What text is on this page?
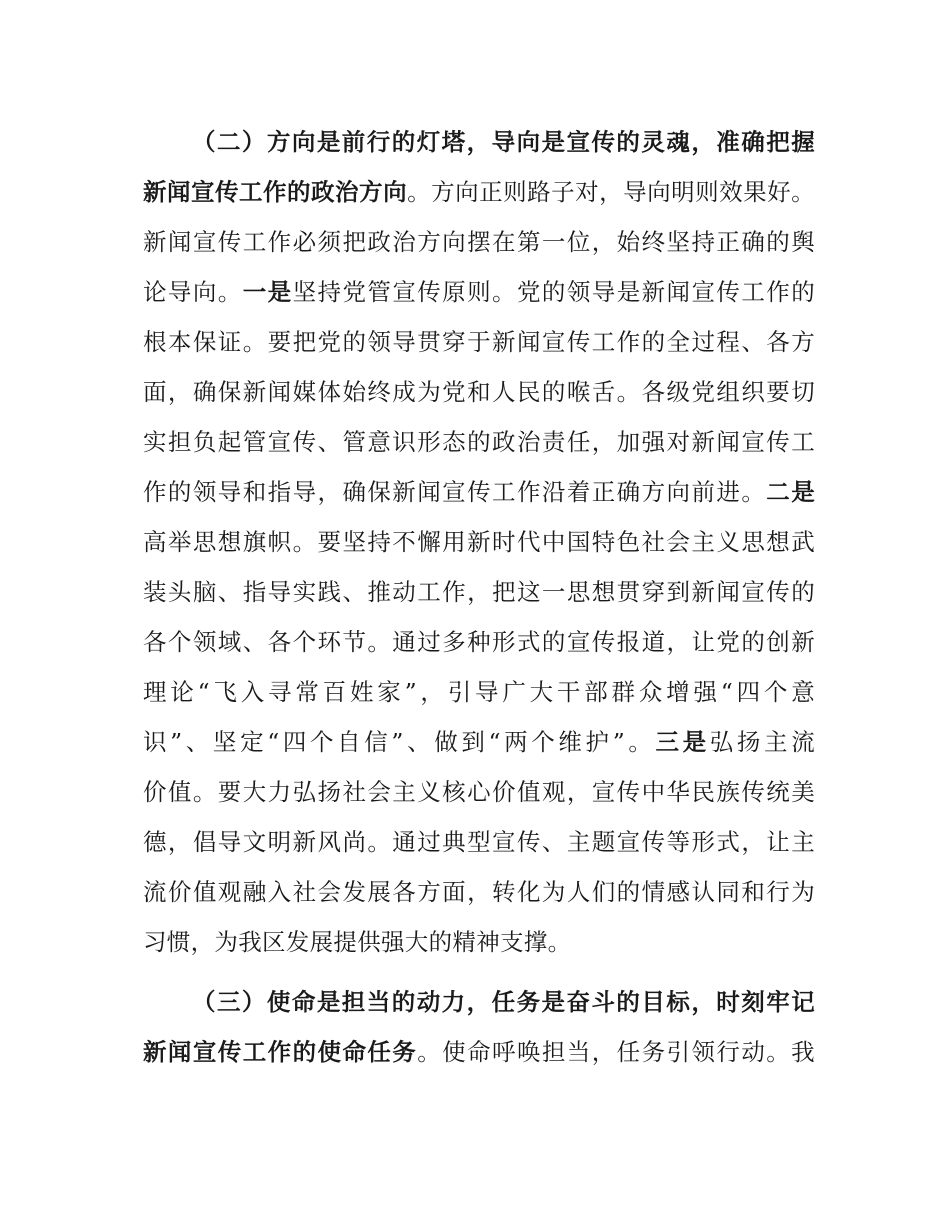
（二）方向是前行的灯塔，导向是宣传的灵魂，准确把握
新闻宣传工作的政治方向。方向正则路子对，导向明则效果好。
新闻宣传工作必须把政治方向摆在第一位，始终坚持正确的舆
论导向。一是坚持党管宣传原则。党的领导是新闻宣传工作的
根本保证。要把党的领导贯穿于新闻宣传工作的全过程、各方
面，确保新闻媒体始终成为党和人民的喉舌。各级党组织要切
实担负起管宣传、管意识形态的政治责任，加强对新闻宣传工
作的领导和指导，确保新闻宣传工作沿着正确方向前进。二是
高举思想旗帜。要坚持不懈用新时代中国特色社会主义思想武
装头脑、指导实践、推动工作，把这一思想贯穿到新闻宣传的
各个领域、各个环节。通过多种形式的宣传报道，让党的创新
理论“飞入寻常百姓家”，引导广大干部群众增强“四个意
识”、坚定“四个自信”、做到“两个维护”。三是弘扬主流
价值。要大力弘扬社会主义核心价值观，宣传中华民族传统美
德，倡导文明新风尚。通过典型宣传、主题宣传等形式，让主
流价值观融入社会发展各方面，转化为人们的情感认同和行为
习惯，为我区发展提供强大的精神支撑。
（三）使命是担当的动力，任务是奋斗的目标，时刻牢记
新闻宣传工作的使命任务。使命呼唤担当，任务引领行动。我
